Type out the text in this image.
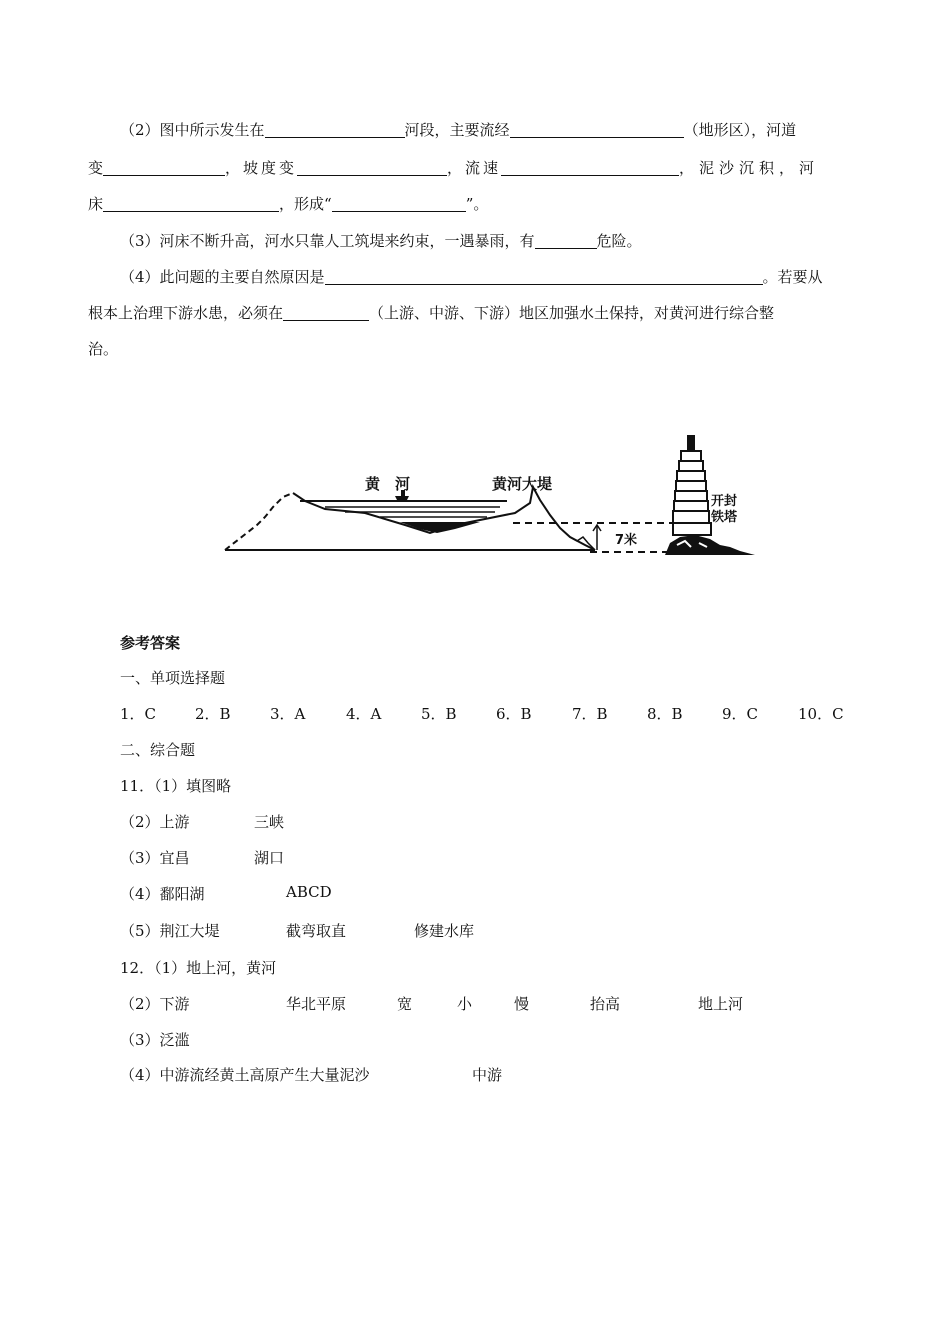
（2）图中所示发生在	河段，主要流经	（地形区），河道
变	，坡度变	，流速	，泥沙沉积，河
床	，形成“	”。
（3）河床不断升高，河水只靠人工筑堤来约束，一遇暴雨，有	危险。
（4）此问题的主要自然原因是	。若要从
根本上治理下游水患，必须在	（上游、中游、下游）地区加强水土保持，对黄河进行综合整
治。
黄　河	黄河大堤
开封
铁塔
7米
参考答案
一、单项选择题
1．C	2．B	3．A	4．A	5．B	6．B	7．B	8．B	9．C	10．C
二、综合题
11．（1）填图略
（2）上游	三峡
（3）宜昌	湖口
（4）鄱阳湖	ABCD
（5）荆江大堤	截弯取直	修建水库
12．（1）地上河，黄河
（2）下游	华北平原	宽	小	慢	抬高	地上河
（3）泛滥
（4）中游流经黄土高原产生大量泥沙	中游
